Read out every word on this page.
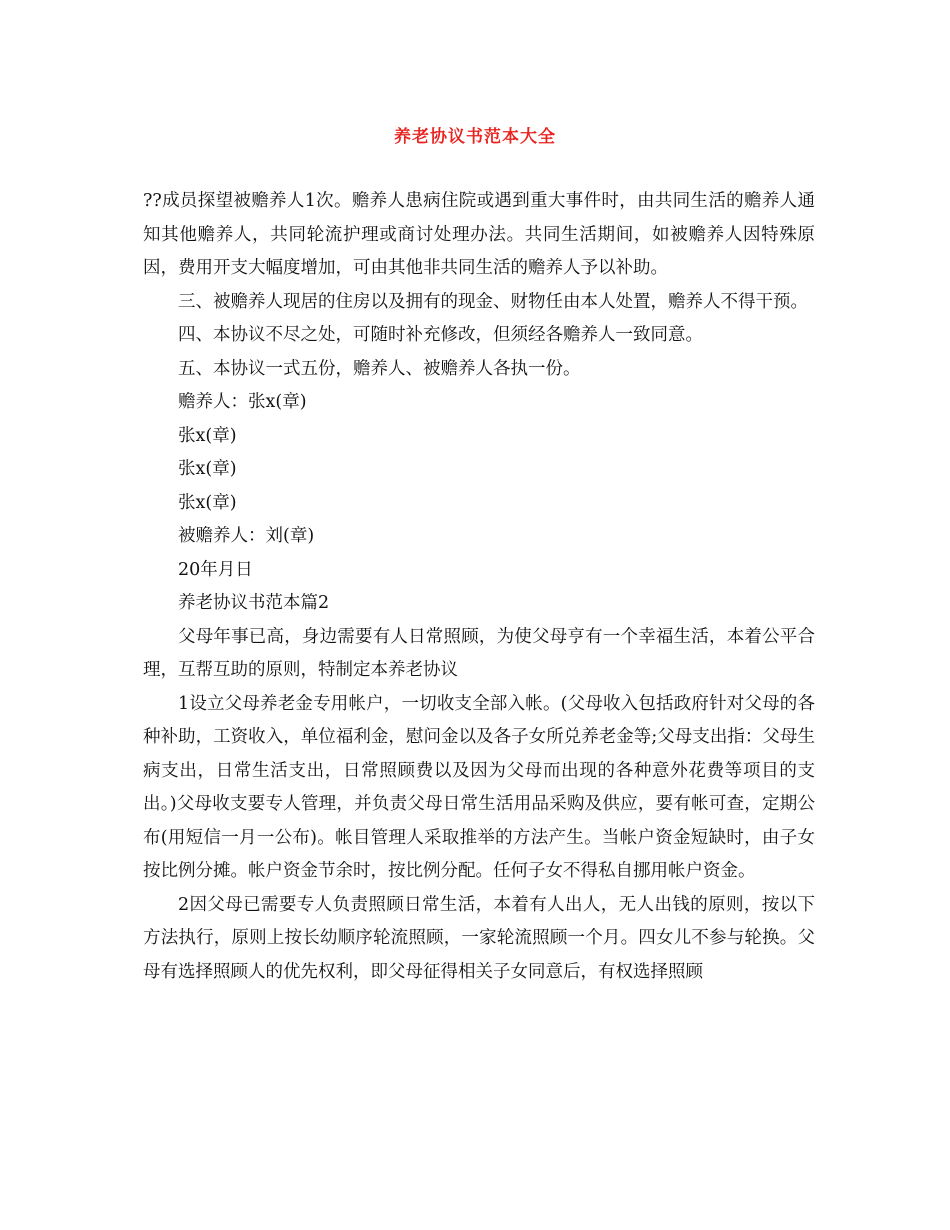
养老协议书范本大全

??成员探望被赡养人1次。赡养人患病住院或遇到重大事件时，由共同生活的赡养人通知其他赡养人，共同轮流护理或商讨处理办法。共同生活期间，如被赡养人因特殊原因，费用开支大幅度增加，可由其他非共同生活的赡养人予以补助。

三、被赡养人现居的住房以及拥有的现金、财物任由本人处置，赡养人不得干预。

四、本协议不尽之处，可随时补充修改，但须经各赡养人一致同意。

五、本协议一式五份，赡养人、被赡养人各执一份。

赡养人：张x(章)

张x(章)

张x(章)

张x(章)

被赡养人：刘(章)

20年月日

养老协议书范本篇2

父母年事已高，身边需要有人日常照顾，为使父母亨有一个幸福生活，本着公平合理，互帮互助的原则，特制定本养老协议

1设立父母养老金专用帐户，一切收支全部入帐。(父母收入包括政府针对父母的各种补助，工资收入，单位福利金，慰问金以及各子女所兑养老金等;父母支出指：父母生病支出，日常生活支出，日常照顾费以及因为父母而出现的各种意外花费等项目的支出。)父母收支要专人管理，并负责父母日常生活用品采购及供应，要有帐可查，定期公布(用短信一月一公布)。帐目管理人采取推举的方法产生。当帐户资金短缺时，由子女按比例分摊。帐户资金节余时，按比例分配。任何子女不得私自挪用帐户资金。

2因父母已需要专人负责照顾日常生活，本着有人出人，无人出钱的原则，按以下方法执行，原则上按长幼顺序轮流照顾，一家轮流照顾一个月。四女儿不参与轮换。父母有选择照顾人的优先权利，即父母征得相关子女同意后，有权选择照顾
